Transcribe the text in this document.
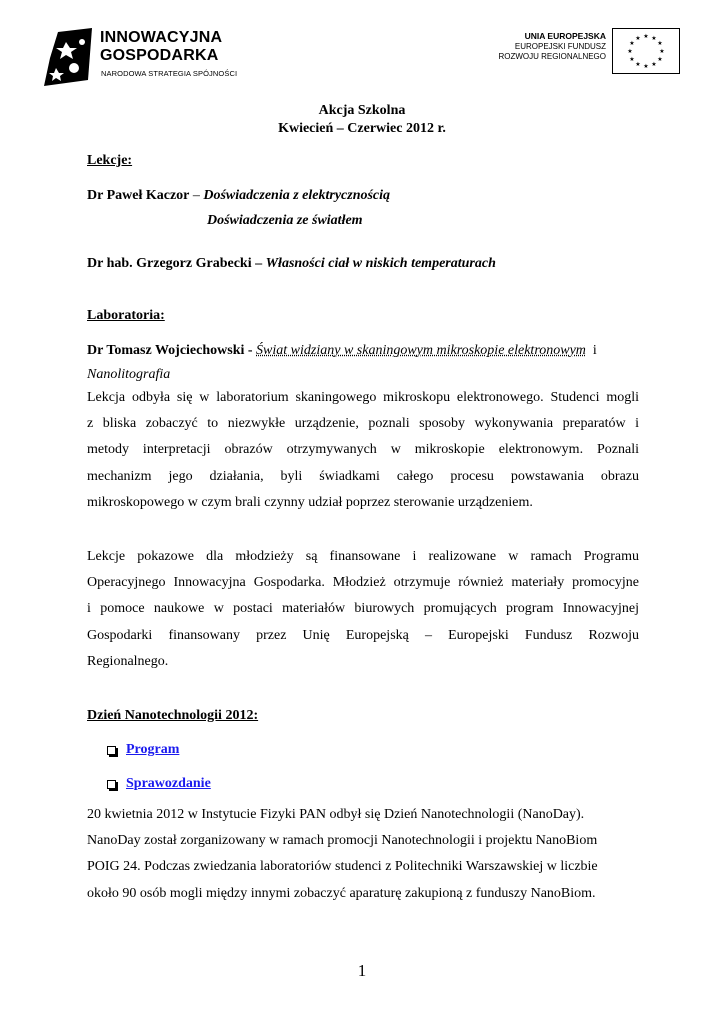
INNOWACYJNA
GOSPODARKA
NARODOWA STRATEGIA SPÓJNOŚCI
UNIA EUROPEJSKA
EUROPEJSKI FUNDUSZ
ROZWOJU REGIONALNEGO
★ ★
★
★
★
★
★
★
★
★
★
★
Akcja Szkolna
Kwiecień – Czerwiec 2012 r.
Lekcje:
Dr Paweł Kaczor – Doświadczenia z elektrycznością
Doświadczenia ze światłem
Dr hab. Grzegorz Grabecki – Własności ciał w niskich temperaturach
Laboratoria:
Dr Tomasz Wojciechowski - Świat widziany w skaningowym mikroskopie elektronowym  i
Nanolitografia
Lekcja odbyła się w laboratorium skaningowego mikroskopu elektronowego. Studenci mogli
z bliska zobaczyć to niezwykłe urządzenie, poznali sposoby wykonywania preparatów i
metody interpretacji obrazów otrzymywanych w mikroskopie elektronowym. Poznali
mechanizm jego działania, byli świadkami całego procesu powstawania obrazu
mikroskopowego w czym brali czynny udział poprzez sterowanie urządzeniem.
Lekcje pokazowe dla młodzieży są finansowane i realizowane w ramach Programu
Operacyjnego Innowacyjna Gospodarka. Młodzież otrzymuje również materiały promocyjne
i pomoce naukowe w postaci materiałów biurowych promujących program Innowacyjnej
Gospodarki finansowany przez Unię Europejską – Europejski Fundusz Rozwoju
Regionalnego.
Dzień Nanotechnologii 2012:
Program
Sprawozdanie
20 kwietnia 2012 w Instytucie Fizyki PAN odbył się Dzień Nanotechnologii (NanoDay).
NanoDay został zorganizowany w ramach promocji Nanotechnologii i projektu NanoBiom
POIG 24. Podczas zwiedzania laboratoriów studenci z Politechniki Warszawskiej w liczbie
około 90 osób mogli między innymi zobaczyć aparaturę zakupioną z funduszy NanoBiom.
1
